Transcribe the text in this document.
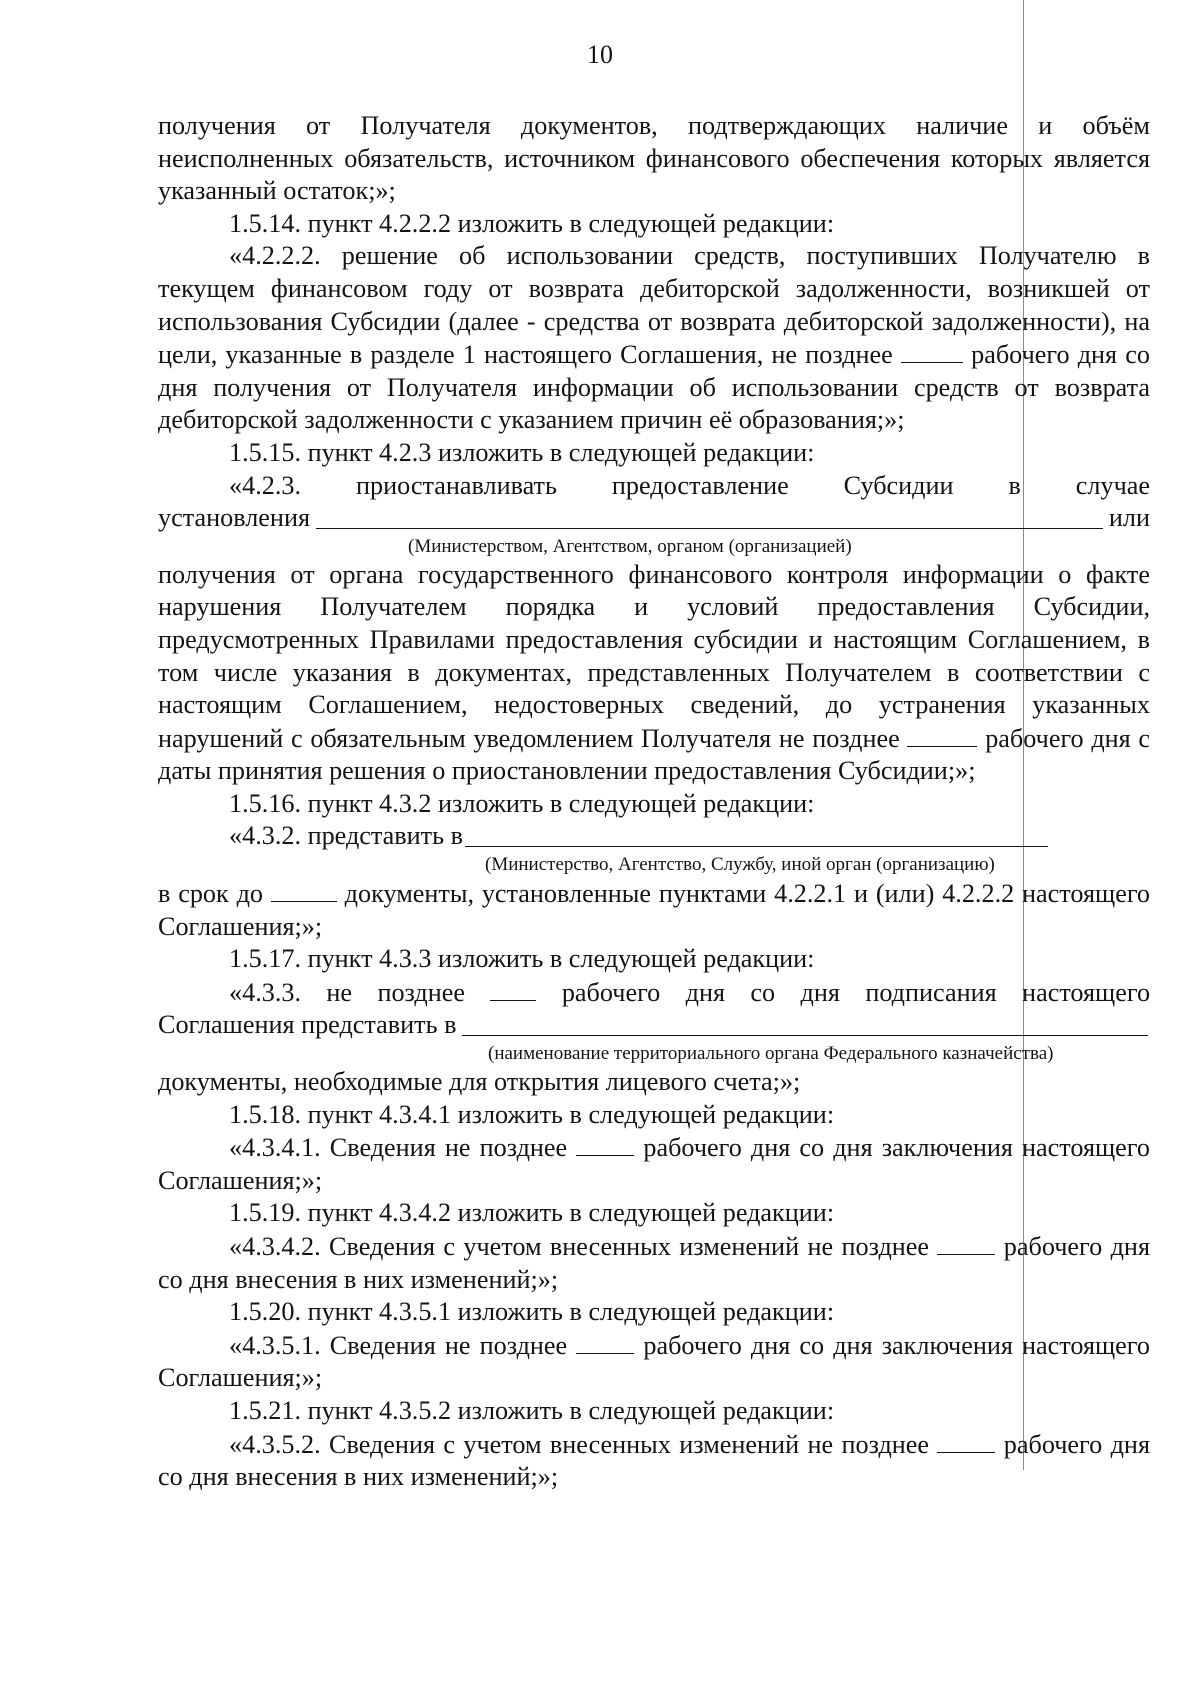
10

получения от Получателя документов, подтверждающих наличие и объём неисполненных обязательств, источником финансового обеспечения которых является указанный остаток;»;

1.5.14. пункт 4.2.2.2 изложить в следующей редакции:

«4.2.2.2. решение об использовании средств, поступивших Получателю в текущем финансовом году от возврата дебиторской задолженности, возникшей от использования Субсидии (далее - средства от возврата дебиторской задолженности), на цели, указанные в разделе 1 настоящего Соглашения, не позднее	рабочего дня со дня получения от Получателя информации об использовании средств от возврата дебиторской задолженности с указанием причин её образования;»;

1.5.15. пункт 4.2.3 изложить в следующей редакции:

«4.2.3. приостанавливать предоставление Субсидии в случае

установления	или

(Министерством, Агентством, органом (организацией)

получения от органа государственного финансового контроля информации о факте нарушения Получателем порядка и условий предоставления Субсидии, предусмотренных Правилами предоставления субсидии и настоящим Соглашением, в том числе указания в документах, представленных Получателем в соответствии с настоящим Соглашением, недостоверных сведений, до устранения указанных нарушений с обязательным уведомлением Получателя не позднее	рабочего дня с даты принятия решения о приостановлении предоставления Субсидии;»;

1.5.16. пункт 4.3.2 изложить в следующей редакции:

«4.3.2. представить в

(Министерство, Агентство, Службу, иной орган (организацию)

в срок до	документы, установленные пунктами 4.2.2.1 и (или) 4.2.2.2 настоящего Соглашения;»;

1.5.17. пункт 4.3.3 изложить в следующей редакции:

«4.3.3. не позднее	рабочего дня со дня подписания настоящего

Соглашения представить в

(наименование территориального органа Федерального казначейства)

документы, необходимые для открытия лицевого счета;»;

1.5.18. пункт 4.3.4.1 изложить в следующей редакции:

«4.3.4.1. Сведения не позднее	рабочего дня со дня заключения настоящего Соглашения;»;

1.5.19. пункт 4.3.4.2 изложить в следующей редакции:

«4.3.4.2. Сведения с учетом внесенных изменений не позднее	рабочего дня со дня внесения в них изменений;»;

1.5.20. пункт 4.3.5.1 изложить в следующей редакции:

«4.3.5.1. Сведения не позднее	рабочего дня со дня заключения настоящего Соглашения;»;

1.5.21. пункт 4.3.5.2 изложить в следующей редакции:

«4.3.5.2. Сведения с учетом внесенных изменений не позднее	рабочего дня со дня внесения в них изменений;»;
